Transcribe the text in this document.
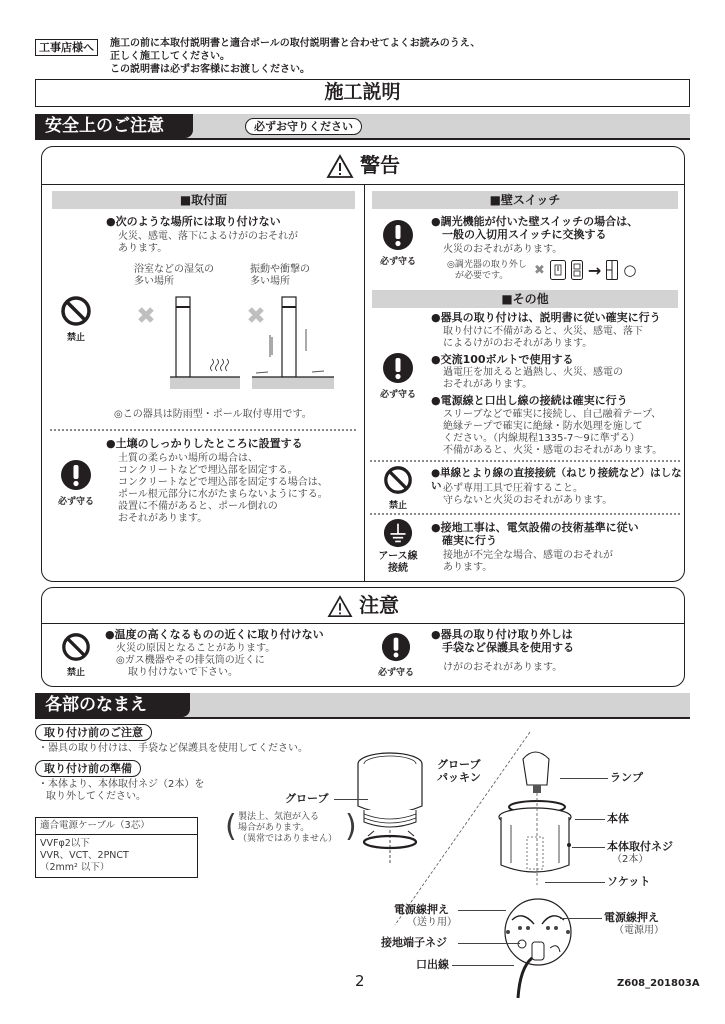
工事店様へ	施工の前に本取付説明書と適合ポールの取付説明書と合わせてよくお読みのうえ、
正しく施工してください。
この説明書は必ずお客様にお渡しください。
施工説明
安全上のご注意	必ずお守りください
警告
■取付面
禁止
●次のような場所には取り付けない
火災、感電、落下によるけがのおそれが
あります。
浴室などの湿気の
多い場所
振動や衝撃の
多い場所
◎この器具は防雨型・ポール取付専用です。
必ず守る
●土壌のしっかりしたところに設置する
土質の柔らかい場所の場合は、
コンクリートなどで埋込部を固定する。
コンクリートなどで埋込部を固定する場合は、
ポール根元部分に水がたまらないようにする。
設置に不備があると、ポール倒れの
おそれがあります。
■壁スイッチ
必ず守る
●調光機能が付いた壁スイッチの場合は、
一般の入切用スイッチに交換する
火災のおそれがあります。
◎調光器の取り外し
が必要です。	✖	→ ○
■その他
必ず守る
●器具の取り付けは、説明書に従い確実に行う
取り付けに不備があると、火災、感電、落下
によるけがのおそれがあります。
●交流100ボルトで使用する
過電圧を加えると過熱し、火災、感電の
おそれがあります。
●電源線と口出し線の接続は確実に行う
スリーブなどで確実に接続し、自己融着テープ、
絶縁テープで確実に絶縁・防水処理を施して
ください。（内線規程1335-7～9に準ずる）
不備があると、火災・感電のおそれがあります。
禁止
●単線とより線の直接接続（ねじり接続など）はしない 必ず専用工具で圧着すること。
守らないと火災のおそれがあります。
アース線
接続
●接地工事は、電気設備の技術基準に従い
確実に行う
接地が不完全な場合、感電のおそれが
あります。
注意
禁止
●温度の高くなるものの近くに取り付けない
火災の原因となることがあります。
◎ガス機器やその排気筒の近くに
取り付けないで下さい。	必ず守る
●器具の取り付け取り外しは
手袋など保護具を使用する
けがのおそれがあります。
各部のなまえ
取り付け前のご注意
・器具の取り付けは、手袋など保護具を使用してください。
取り付け前の準備
・本体より、本体取付ネジ（2本）を
取り外してください。
適合電源ケーブル（3芯）
VVFφ2以下
VVR、VCT、2PNCT
（2mm² 以下）
グローブ
( 製法上、気泡が入る
場合があります。
（異常ではありません） )
グローブ
パッキン	ランプ
本体
本体取付ネジ
（2本）
ソケット
電源線押え
（送り用）	電源線押え
（電源用）
接地端子ネジ
口出線
2	Z608_201803A
